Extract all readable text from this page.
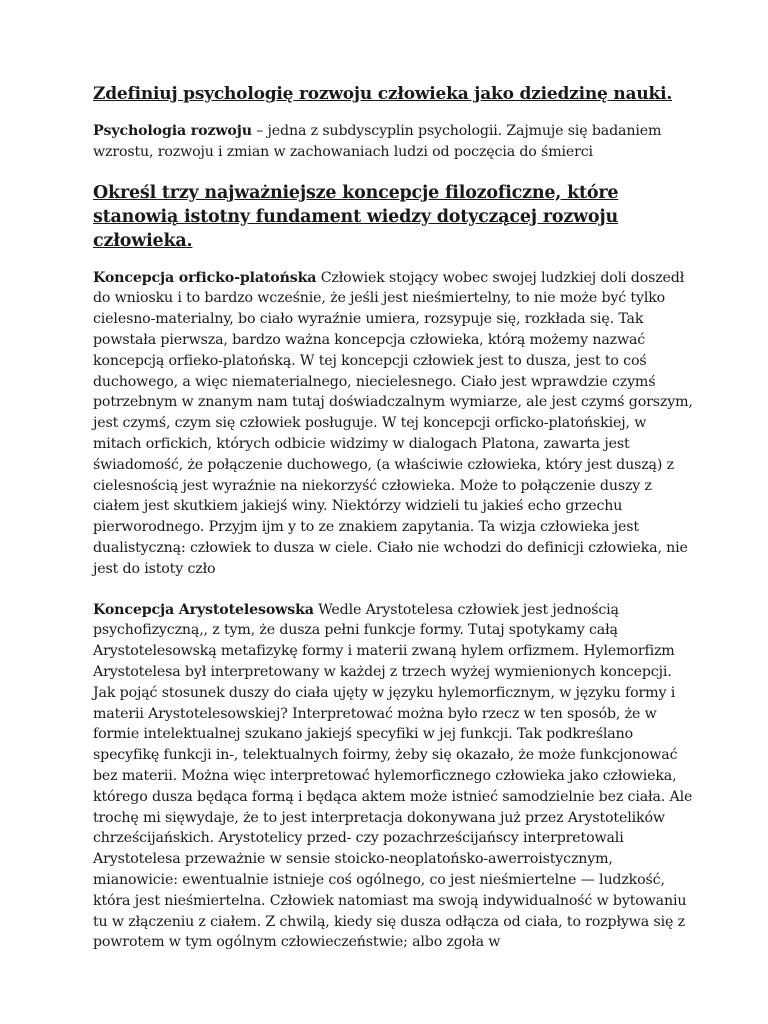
Zdefiniuj psychologię rozwoju człowieka jako dziedzinę nauki.

Psychologia rozwoju – jedna z subdyscyplin psychologii. Zajmuje się badaniem wzrostu, rozwoju i zmian w zachowaniach ludzi od poczęcia do śmierci

Określ trzy najważniejsze koncepcje filozoficzne, które stanowią istotny fundament wiedzy dotyczącej rozwoju człowieka.

Koncepcja orficko-platońska Człowiek stojący wobec swojej ludzkiej doli doszedł do wniosku i to bardzo wcześnie, że jeśli jest nieśmiertelny, to nie może być tylko cielesno-materialny, bo ciało wyraźnie umiera, rozsypuje się, rozkłada się. Tak powstała pierwsza, bardzo ważna koncepcja człowieka, którą możemy nazwać koncepcją orfieko-platońską. W tej koncepcji człowiek jest to dusza, jest to coś duchowego, a więc niematerialnego, niecielesnego. Ciało jest wprawdzie czymś potrzebnym w znanym nam tutaj doświadczalnym wymiarze, ale jest czymś gorszym, jest czymś, czym się człowiek posługuje. W tej koncepcji orficko-platońskiej, w mitach orfickich, których odbicie widzimy w dialogach Platona, zawarta jest świadomość, że połączenie duchowego, (a właściwie człowieka, który jest duszą) z cielesnością jest wyraźnie na niekorzyść człowieka. Może to połączenie duszy z ciałem jest skutkiem jakiejś winy. Niektórzy widzieli tu jakieś echo grzechu pierworodnego. Przyjm ijm y to ze znakiem zapytania. Ta wizja człowieka jest dualistyczną: człowiek to dusza w ciele. Ciało nie wchodzi do definicji człowieka, nie jest do istoty czło

Koncepcja Arystotelesowska Wedle Arystotelesa człowiek jest jednością psychofizyczną,, z tym, że dusza pełni funkcje formy. Tutaj spotykamy całą Arystotelesowską metafizykę formy i materii zwaną hylem orfizmem. Hylemorfizm Arystotelesa był interpretowany w każdej z trzech wyżej wymienionych koncepcji. Jak pojąć stosunek duszy do ciała ujęty w języku hylemorficznym, w języku formy i materii Arystotelesowskiej? Interpretować można było rzecz w ten sposób, że w formie intelektualnej szukano jakiejś specyfiki w jej funkcji. Tak podkreślano specyfikę funkcji in-, telektualnych foirmy, żeby się okazało, że może funkcjonować bez materii. Można więc interpretować hylemorficznego człowieka jako człowieka, którego dusza będąca formą i będąca aktem może istnieć samodzielnie bez ciała. Ale trochę mi sięwydaje, że to jest interpretacja dokonywana już przez Arystotelików chrześcijańskich. Arystotelicy przed- czy pozachrześcijańscy interpretowali Arystotelesa przeważnie w sensie stoicko-neoplatońsko-awerroistycznym, mianowicie: ewentualnie istnieje coś ogólnego, co jest nieśmiertelne — ludzkość, która jest nieśmiertelna. Człowiek natomiast ma swoją indywidualność w bytowaniu tu w złączeniu z ciałem. Z chwilą, kiedy się dusza odłącza od ciała, to rozpływa się z powrotem w tym ogólnym człowieczeństwie; albo zgoła w
